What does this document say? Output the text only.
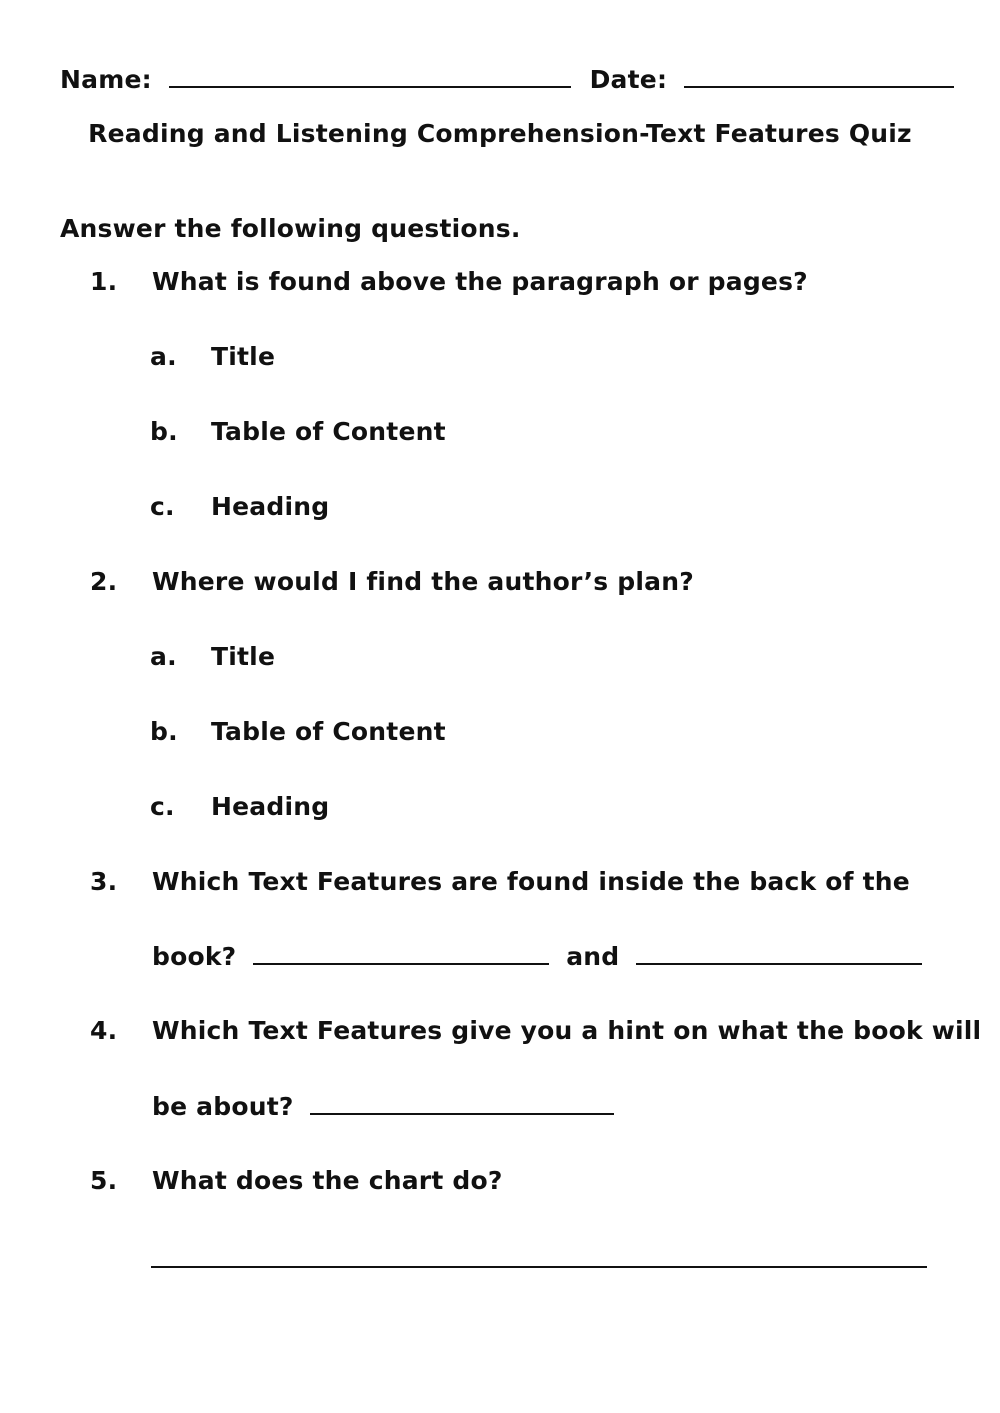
Name:	Date:
Reading and Listening Comprehension-Text Features Quiz
Answer the following questions.
1.	What is found above the paragraph or pages?
a. Title
b. Table of Content
c. Heading
2.	Where would I find the author’s plan?
a. Title
b. Table of Content
c. Heading
3.	Which Text Features are found inside the back of the
book?	and
4.	Which Text Features give you a hint on what the book will
be about?
5.	What does the chart do?
